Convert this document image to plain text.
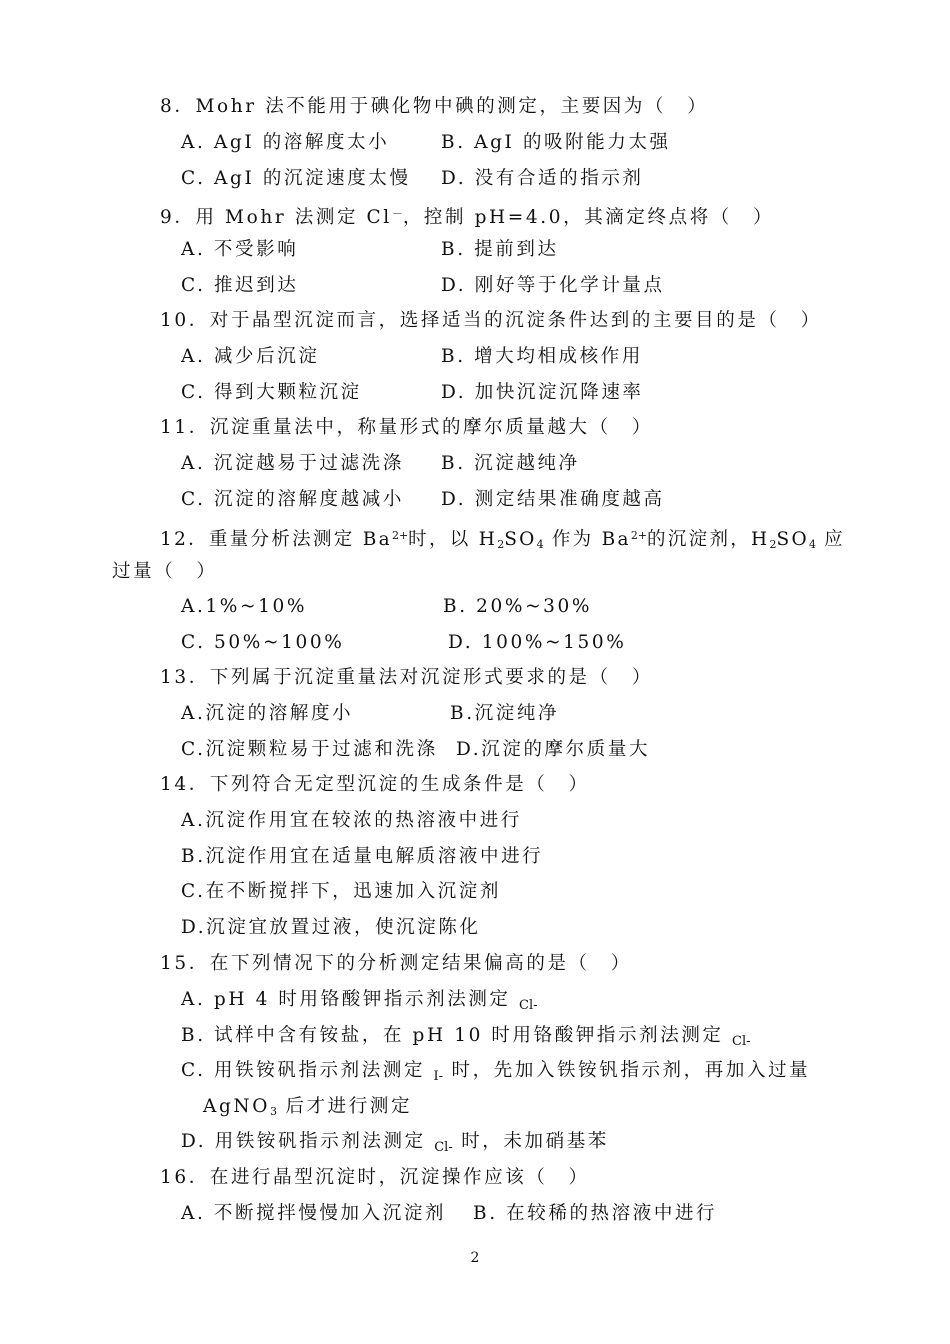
8．Mohr 法不能用于碘化物中碘的测定，主要因为（　）
A. AgI 的溶解度太小	B. AgI 的吸附能力太强
C. AgI 的沉淀速度太慢 D. 没有合适的指示剂
9．用 Mohr 法测定 Cl－，控制 pH=4.0，其滴定终点将（　）
A. 不受影响	B. 提前到达
C. 推迟到达	D. 刚好等于化学计量点
10．对于晶型沉淀而言，选择适当的沉淀条件达到的主要目的是（　）
A. 减少后沉淀	B. 增大均相成核作用
C. 得到大颗粒沉淀	D. 加快沉淀沉降速率
11．沉淀重量法中，称量形式的摩尔质量越大（　）
A. 沉淀越易于过滤洗涤 B. 沉淀越纯净
C. 沉淀的溶解度越减小 D. 测定结果准确度越高
12．重量分析法测定 $Ba^{2+}$时，以 $H_2SO_4$ 作为 $Ba^{2+}$的沉淀剂，$H_2SO_4$ 应
过量（　）
A.1%~10%	B. 20%~30%
C. 50%~100%	D. 100%~150%
13．下列属于沉淀重量法对沉淀形式要求的是（　）
A.沉淀的溶解度小	B.沉淀纯净
C.沉淀颗粒易于过滤和洗涤 D.沉淀的摩尔质量大
14．下列符合无定型沉淀的生成条件是（　）
A.沉淀作用宜在较浓的热溶液中进行
B.沉淀作用宜在适量电解质溶液中进行
C.在不断搅拌下，迅速加入沉淀剂
D.沉淀宜放置过液，使沉淀陈化
15．在下列情况下的分析测定结果偏高的是（　）
A. pH 4 时用铬酸钾指示剂法测定 $_{Cl-}$
B. 试样中含有铵盐，在 pH 10 时用铬酸钾指示剂法测定 $_{Cl-}$
C. 用铁铵矾指示剂法测定 $_{I-}$ 时，先加入铁铵钒指示剂，再加入过量
AgNO$_3$ 后才进行测定
D. 用铁铵矾指示剂法测定 $_{Cl-}$ 时，未加硝基苯
16．在进行晶型沉淀时，沉淀操作应该（　）
A. 不断搅拌慢慢加入沉淀剂 B. 在较稀的热溶液中进行
2
